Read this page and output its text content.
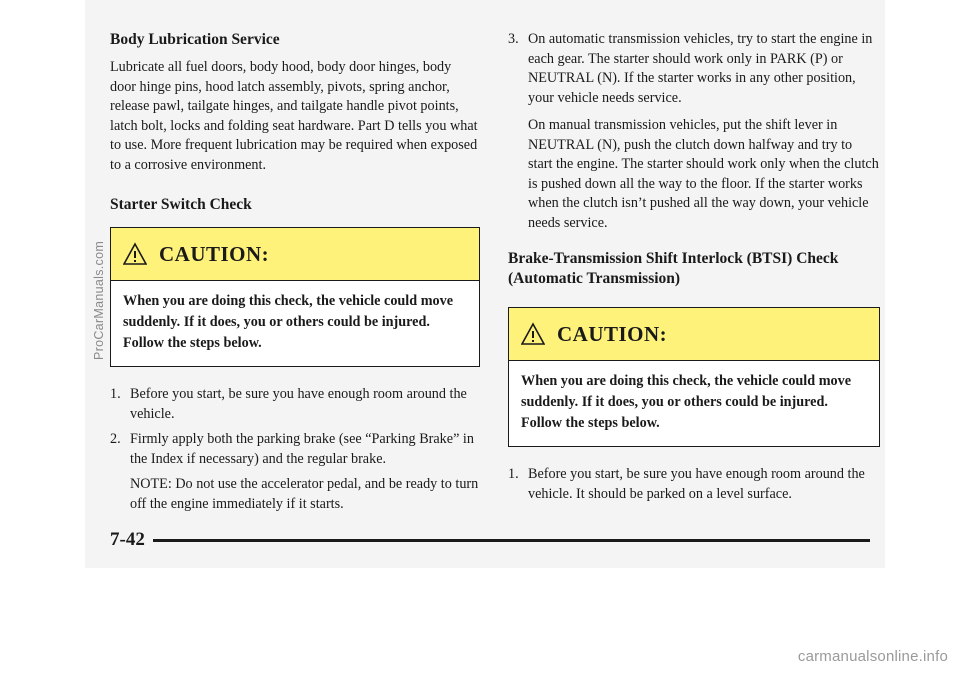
Body Lubrication Service

Lubricate all fuel doors, body hood, body door hinges, body door hinge pins, hood latch assembly, pivots, spring anchor, release pawl, tailgate hinges, and tailgate handle pivot points, latch bolt, locks and folding seat hardware. Part D tells you what to use. More frequent lubrication may be required when exposed to a corrosive environment.

Starter Switch Check
CAUTION:
When you are doing this check, the vehicle could move suddenly. If it does, you or others could be injured. Follow the steps below.
1. Before you start, be sure you have enough room around the vehicle.
2. Firmly apply both the parking brake (see “Parking Brake” in the Index if necessary) and the regular brake.

NOTE: Do not use the accelerator pedal, and be ready to turn off the engine immediately if it starts.

3. On automatic transmission vehicles, try to start the engine in each gear. The starter should work only in PARK (P) or NEUTRAL (N). If the starter works in any other position, your vehicle needs service.

On manual transmission vehicles, put the shift lever in NEUTRAL (N), push the clutch down halfway and try to start the engine. The starter should work only when the clutch is pushed down all the way to the floor. If the starter works when the clutch isn’t pushed all the way down, your vehicle needs service.

Brake-Transmission Shift Interlock (BTSI) Check (Automatic Transmission)
CAUTION:
When you are doing this check, the vehicle could move suddenly. If it does, you or others could be injured. Follow the steps below.
1. Before you start, be sure you have enough room around the vehicle. It should be parked on a level surface.
7-42
ProCarManuals.com
carmanualsonline.info
